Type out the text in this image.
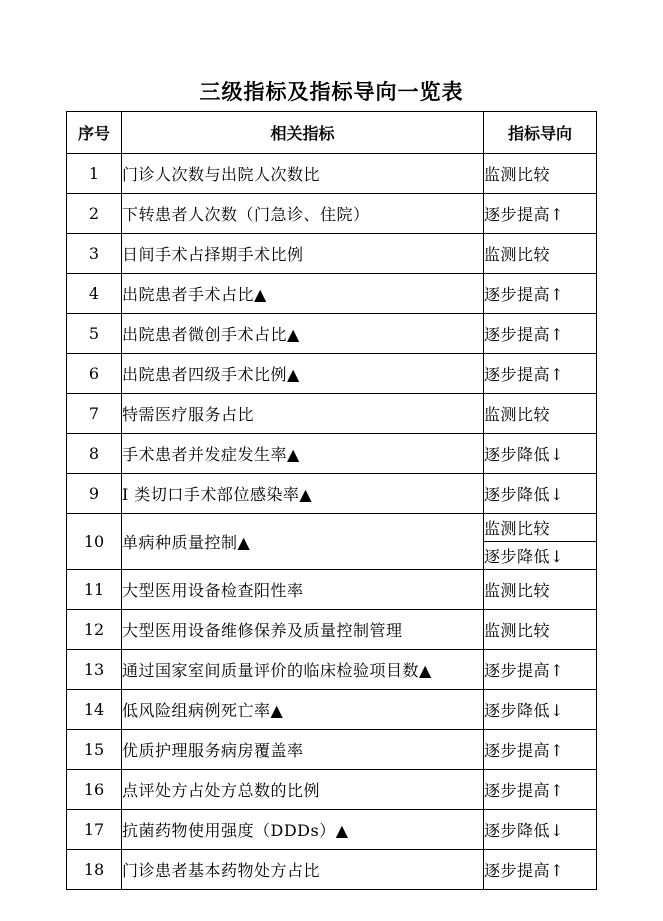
三级指标及指标导向一览表
序号	相关指标	指标导向
1	门诊人次数与出院人次数比	监测比较
2	下转患者人次数（门急诊、住院）	逐步提高↑
3	日间手术占择期手术比例	监测比较
4	出院患者手术占比▲	逐步提高↑
5	出院患者微创手术占比▲	逐步提高↑
6	出院患者四级手术比例▲	逐步提高↑
7	特需医疗服务占比	监测比较
8	手术患者并发症发生率▲	逐步降低↓
9	I 类切口手术部位感染率▲	逐步降低↓
10	单病种质量控制▲	监测比较
		逐步降低↓
11	大型医用设备检查阳性率	监测比较
12	大型医用设备维修保养及质量控制管理	监测比较
13	通过国家室间质量评价的临床检验项目数▲	逐步提高↑
14	低风险组病例死亡率▲	逐步降低↓
15	优质护理服务病房覆盖率	逐步提高↑
16	点评处方占处方总数的比例	逐步提高↑
17	抗菌药物使用强度（DDDs）▲	逐步降低↓
18	门诊患者基本药物处方占比	逐步提高↑
